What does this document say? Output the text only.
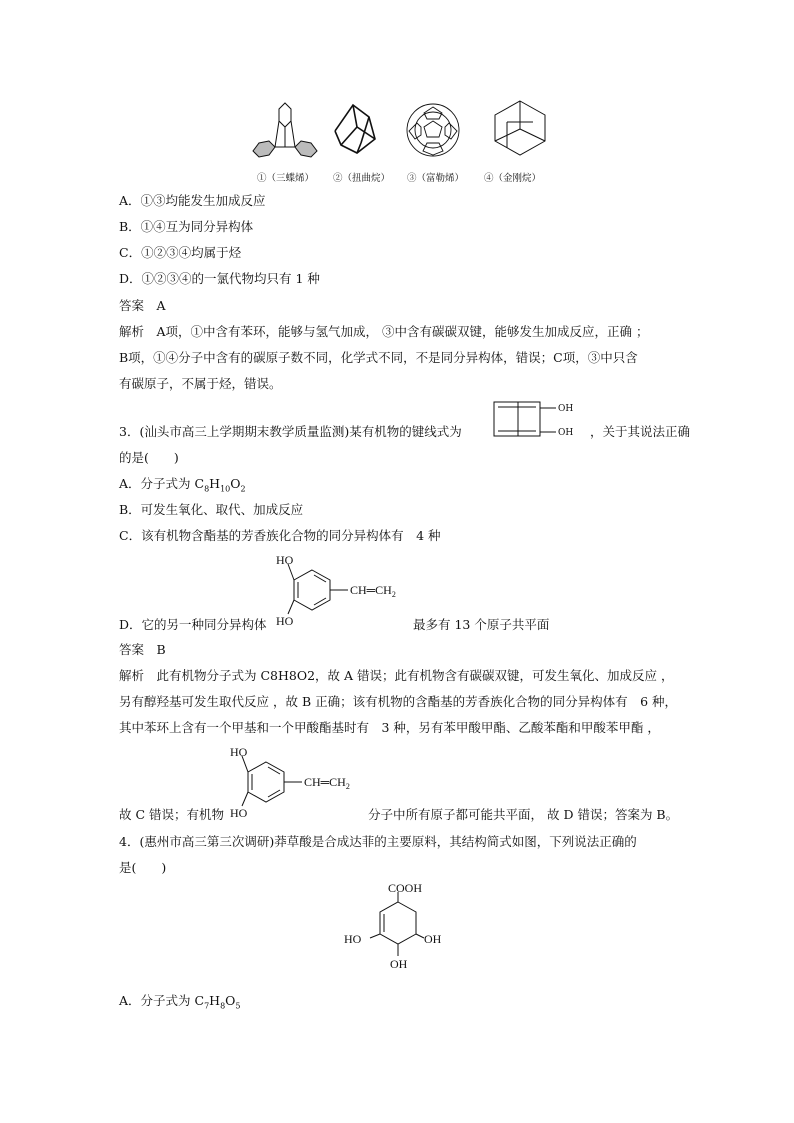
①（三蝶烯） ②（扭曲烷） ③（富勒烯） ④（金刚烷）
A．①③均能发生加成反应
B．①④互为同分异构体
C．①②③④均属于烃
D．①②③④的一氯代物均只有 1 种
答案　A
解析　A项，①中含有苯环，能够与氢气加成， ③中含有碳碳双键，能够发生加成反应，正确 ；
B项，①④分子中含有的碳原子数不同，化学式不同，不是同分异构体，错误；C项，③中只含
有碳原子，不属于烃，错误。
3．(汕头市高三上学期期末教学质量监测)某有机物的键线式为
OH
OH ，关于其说法正确
的是(　　)
A．分子式为 $C_8H_{10}O_2$
B．可发生氧化、取代、加成反应
C．该有机物含酯基的芳香族化合物的同分异构体有　4 种
HO
HO
$CH═CH_2$
D．它的另一种同分异构体	最多有 13 个原子共平面
答案　B
解析　此有机物分子式为 C8H8O2，故 A 错误；此有机物含有碳碳双键，可发生氧化、加成反应 ，
另有醇羟基可发生取代反应 ，故 B 正确；该有机物的含酯基的芳香族化合物的同分异构体有　6 种，
其中苯环上含有一个甲基和一个甲酸酯基时有　3 种，另有苯甲酸甲酯、乙酸苯酯和甲酸苯甲酯 ，
HO
HO
$CH═CH_2$
故 C 错误；有机物	分子中所有原子都可能共平面， 故 D 错误；答案为 B。
4．(惠州市高三第三次调研)莽草酸是合成达菲的主要原料，其结构简式如图，下列说法正确的
是(　　)
COOH
HO	OH
OH
A．分子式为 $C_7H_8O_5$
